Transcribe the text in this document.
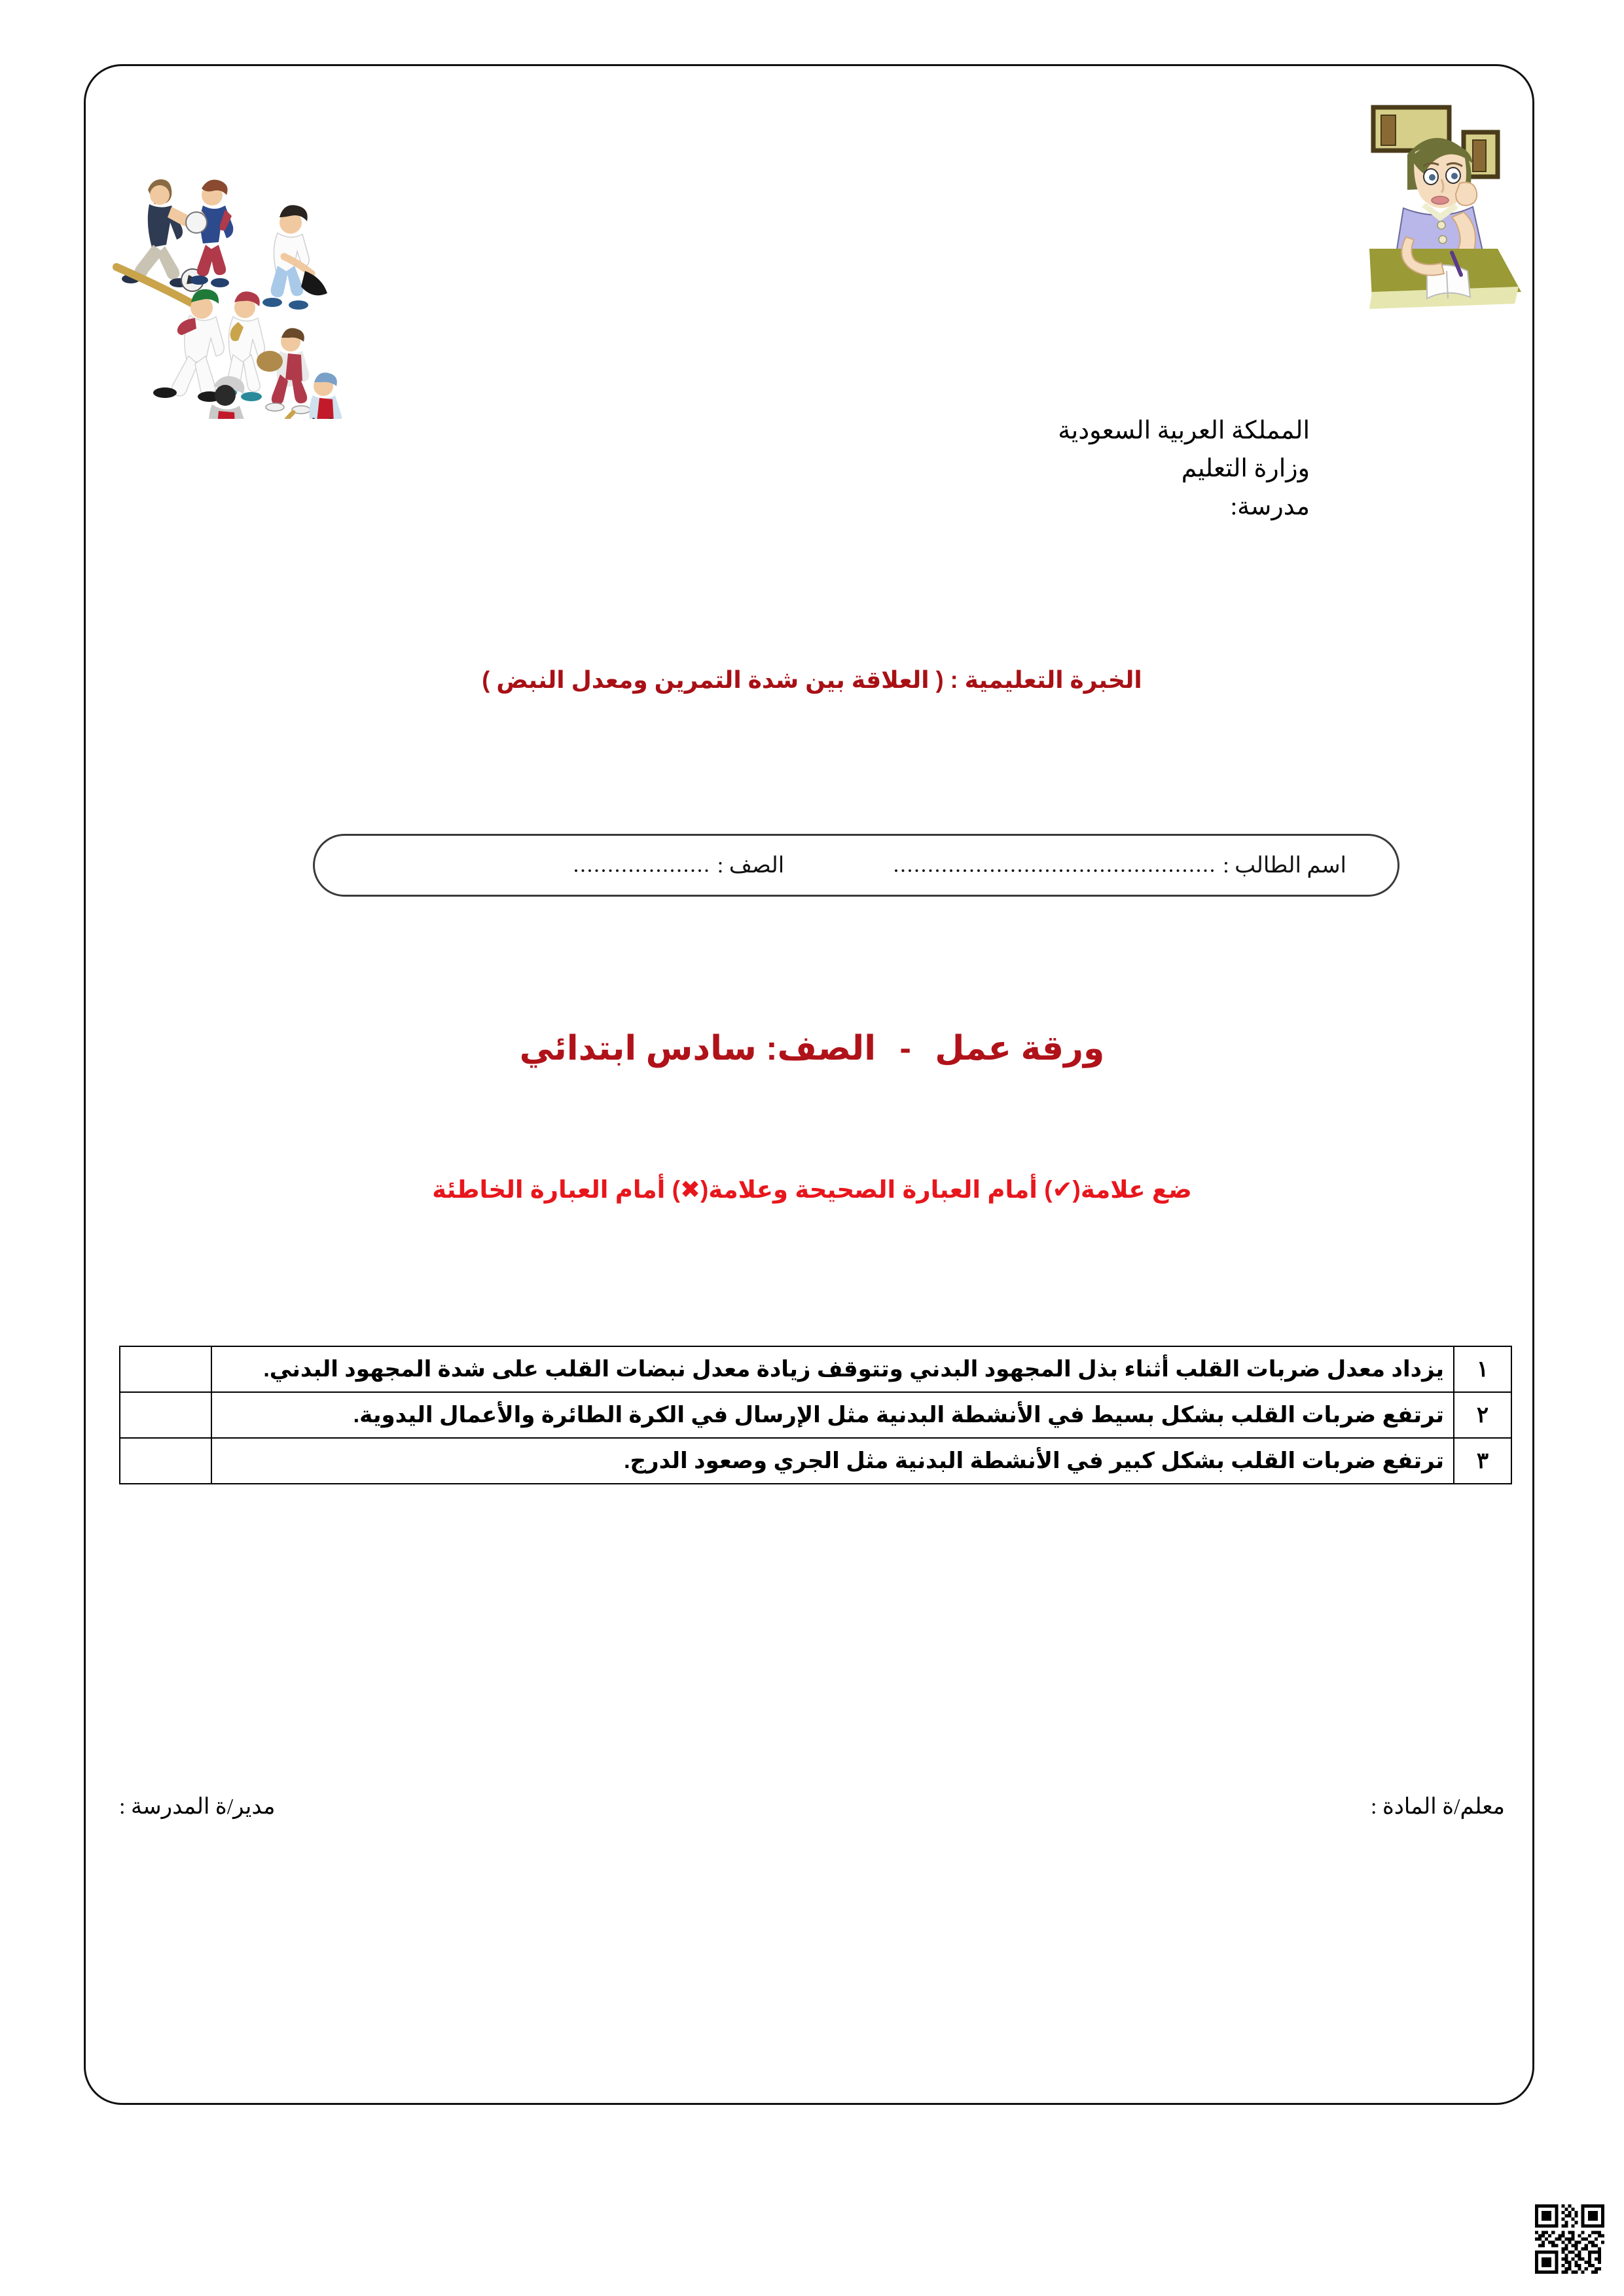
المملكة العربية السعودية
وزارة التعليم
مدرسة:
الخبرة التعليمية : ( العلاقة بين شدة التمرين ومعدل النبض )
اسم الطالب :
...............................................
الصف :
....................
ورقة عمل - الصف: سادس ابتدائي
ضع علامة(✔) أمام العبارة الصحيحة وعلامة(✖) أمام العبارة الخاطئة
١	يزداد معدل ضربات القلب أثناء بذل المجهود البدني وتتوقف زيادة معدل نبضات القلب على شدة المجهود البدني.	
٢	ترتفع ضربات القلب بشكل بسيط في الأنشطة البدنية مثل الإرسال في الكرة الطائرة والأعمال اليدوية.	
٣	ترتفع ضربات القلب بشكل كبير في الأنشطة البدنية مثل الجري وصعود الدرج.	
معلم/ة المادة :
مدير/ة المدرسة :
